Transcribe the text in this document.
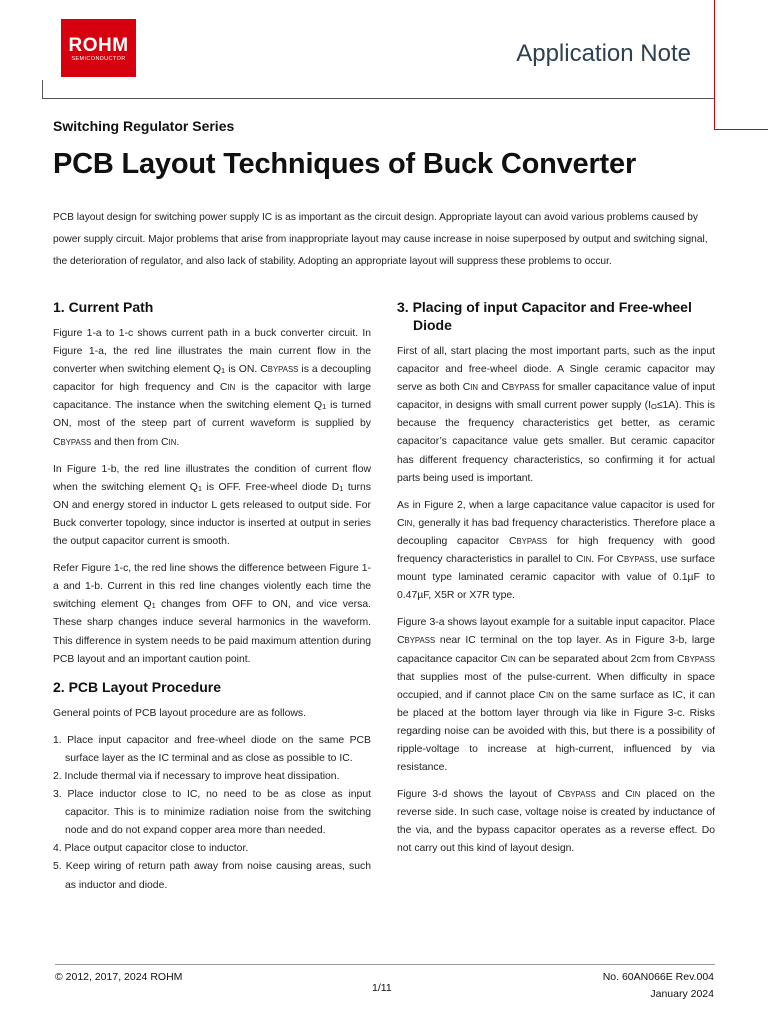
ROHM
SEMICONDUCTOR	Application Note
Switching Regulator Series
PCB Layout Techniques of Buck Converter
PCB layout design for switching power supply IC is as important as the circuit design. Appropriate layout can avoid various problems caused by power supply circuit. Major problems that arise from inappropriate layout may cause increase in noise superposed by output and switching signal, the deterioration of regulator, and also lack of stability. Adopting an appropriate layout will suppress these problems to occur.
1. Current Path

Figure 1-a to 1-c shows current path in a buck converter circuit. In Figure 1-a, the red line illustrates the main current flow in the converter when switching element $Q_1$ is ON. CBYPASS is a decoupling capacitor for high frequency and CIN is the capacitor with large capacitance. The instance when the switching element $Q_1$ is turned ON, most of the steep part of current waveform is supplied by CBYPASS and then from CIN.

In Figure 1-b, the red line illustrates the condition of current flow when the switching element $Q_1$ is OFF. Free-wheel diode $D_1$ turns ON and energy stored in inductor L gets released to output side. For Buck converter topology, since inductor is inserted at output in series the output capacitor current is smooth.

Refer Figure 1-c, the red line shows the difference between Figure 1-a and 1-b. Current in this red line changes violently each time the switching element $Q_1$ changes from OFF to ON, and vice versa. These sharp changes induce several harmonics in the waveform. This difference in system needs to be paid maximum attention during PCB layout and an important caution point.

2. PCB Layout Procedure

General points of PCB layout procedure are as follows.

1. Place input capacitor and free-wheel diode on the same PCB surface layer as the IC terminal and as close as possible to IC.
2. Include thermal via if necessary to improve heat dissipation.
3. Place inductor close to IC, no need to be as close as input capacitor. This is to minimize radiation noise from the switching node and do not expand copper area more than needed.
4. Place output capacitor close to inductor.
5. Keep wiring of return path away from noise causing areas, such as inductor and diode.
3. Placing of input Capacitor and Free-wheel Diode

First of all, start placing the most important parts, such as the input capacitor and free-wheel diode. A Single ceramic capacitor may serve as both CIN and CBYPASS for smaller capacitance value of input capacitor, in designs with small current power supply $(I_O\le 1A)$. This is because the frequency characteristics get better, as ceramic capacitor’s capacitance value gets smaller. But ceramic capacitor has different frequency characteristics, so confirming it for actual parts being used is important.

As in Figure 2, when a large capacitance value capacitor is used for CIN, generally it has bad frequency characteristics. Therefore place a decoupling capacitor CBYPASS for high frequency with good frequency characteristics in parallel to CIN. For CBYPASS, use surface mount type laminated ceramic capacitor with value of 0.1µF to 0.47µF, X5R or X7R type.

Figure 3-a shows layout example for a suitable input capacitor. Place CBYPASS near IC terminal on the top layer. As in Figure 3-b, large capacitance capacitor CIN can be separated about 2cm from CBYPASS that supplies most of the pulse-current. When difficulty in space occupied, and if cannot place CIN on the same surface as IC, it can be placed at the bottom layer through via like in Figure 3-c. Risks regarding noise can be avoided with this, but there is a possibility of ripple-voltage to increase at high-current, influenced by via resistance.

Figure 3-d shows the layout of CBYPASS and CIN placed on the reverse side. In such case, voltage noise is created by inductance of the via, and the bypass capacitor operates as a reverse effect. Do not carry out this kind of layout design.

© 2012, 2017, 2024 ROHM
1/11
No. 60AN066E Rev.004
January 2024
